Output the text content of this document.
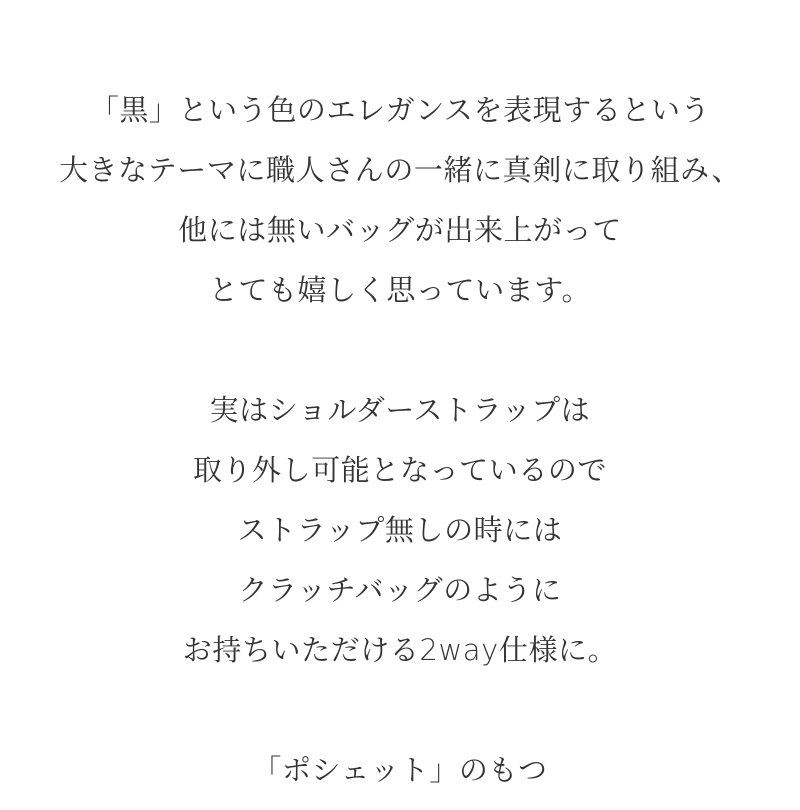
「黒」という色のエレガンスを表現するという
大きなテーマに職人さんの一緒に真剣に取り組み、
他には無いバッグが出来上がって
とても嬉しく思っています。

実はショルダーストラップは
取り外し可能となっているので
ストラップ無しの時には
クラッチバッグのように
お持ちいただける2way仕様に。

「ポシェット」のもつ
